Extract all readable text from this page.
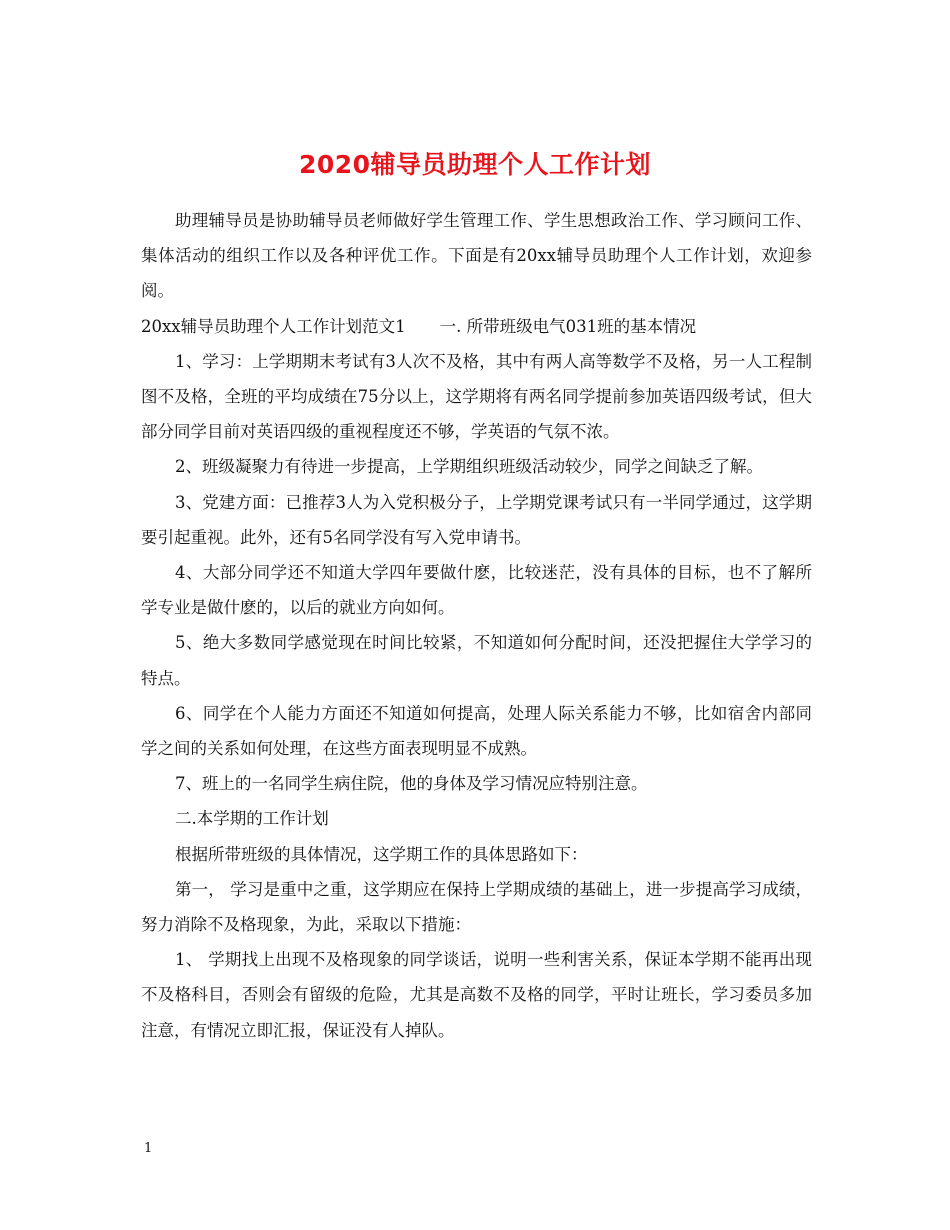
2020辅导员助理个人工作计划

助理辅导员是协助辅导员老师做好学生管理工作、学生思想政治工作、学习顾问工作、集体活动的组织工作以及各种评优工作。下面是有20xx辅导员助理个人工作计划，欢迎参阅。

20xx辅导员助理个人工作计划范文1 一. 所带班级电气031班的基本情况

1、学习：上学期期末考试有3人次不及格，其中有两人高等数学不及格，另一人工程制图不及格，全班的平均成绩在75分以上，这学期将有两名同学提前参加英语四级考试，但大部分同学目前对英语四级的重视程度还不够，学英语的气氛不浓。

2、班级凝聚力有待进一步提高，上学期组织班级活动较少，同学之间缺乏了解。

3、党建方面：已推荐3人为入党积极分子，上学期党课考试只有一半同学通过，这学期要引起重视。此外，还有5名同学没有写入党申请书。

4、大部分同学还不知道大学四年要做什麽，比较迷茫，没有具体的目标，也不了解所学专业是做什麽的，以后的就业方向如何。

5、绝大多数同学感觉现在时间比较紧，不知道如何分配时间，还没把握住大学学习的特点。

6、同学在个人能力方面还不知道如何提高，处理人际关系能力不够，比如宿舍内部同学之间的关系如何处理，在这些方面表现明显不成熟。

7、班上的一名同学生病住院，他的身体及学习情况应特别注意。

二.本学期的工作计划

根据所带班级的具体情况，这学期工作的具体思路如下：

第一， 学习是重中之重，这学期应在保持上学期成绩的基础上，进一步提高学习成绩，努力消除不及格现象，为此，采取以下措施：

1、 学期找上出现不及格现象的同学谈话，说明一些利害关系，保证本学期不能再出现不及格科目，否则会有留级的危险，尤其是高数不及格的同学，平时让班长，学习委员多加注意，有情况立即汇报，保证没有人掉队。

1
